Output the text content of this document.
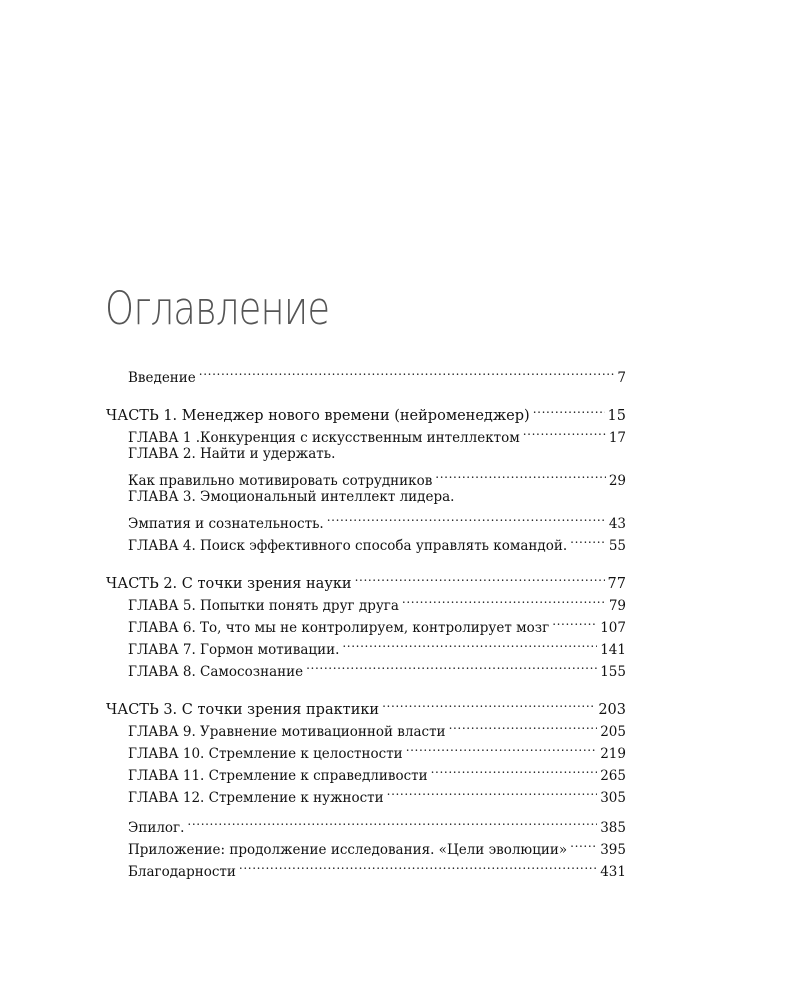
Оглавление
Введение . . .	7
ЧАСТЬ 1. Менеджер нового времени (нейроменеджер) . . .	15
ГЛАВА 1 .Конкуренция с искусственным интеллектом . . .	17
ГЛАВА 2. Найти и удержать.
Как правильно мотивировать сотрудников . . .	29
ГЛАВА 3. Эмоциональный интеллект лидера.
Эмпатия и сознательность. . . .	43
ГЛАВА 4. Поиск эффективного способа управлять командой. . . .	55
ЧАСТЬ 2. С точки зрения науки . . .	77
ГЛАВА 5. Попытки понять друг друга . . .	79
ГЛАВА 6. То, что мы не контролируем, контролирует мозг . . .	107
ГЛАВА 7. Гормон мотивации. . . .	141
ГЛАВА 8. Самосознание . . .	155
ЧАСТЬ 3. С точки зрения практики . . .	203
ГЛАВА 9. Уравнение мотивационной власти . . .	205
ГЛАВА 10. Стремление к целостности . . .	219
ГЛАВА 11. Стремление к справедливости . . .	265
ГЛАВА 12. Стремление к нужности . . .	305
Эпилог. . . .	385
Приложение: продолжение исследования. «Цели эволюции» . . . 395
Благодарности . . .	431
